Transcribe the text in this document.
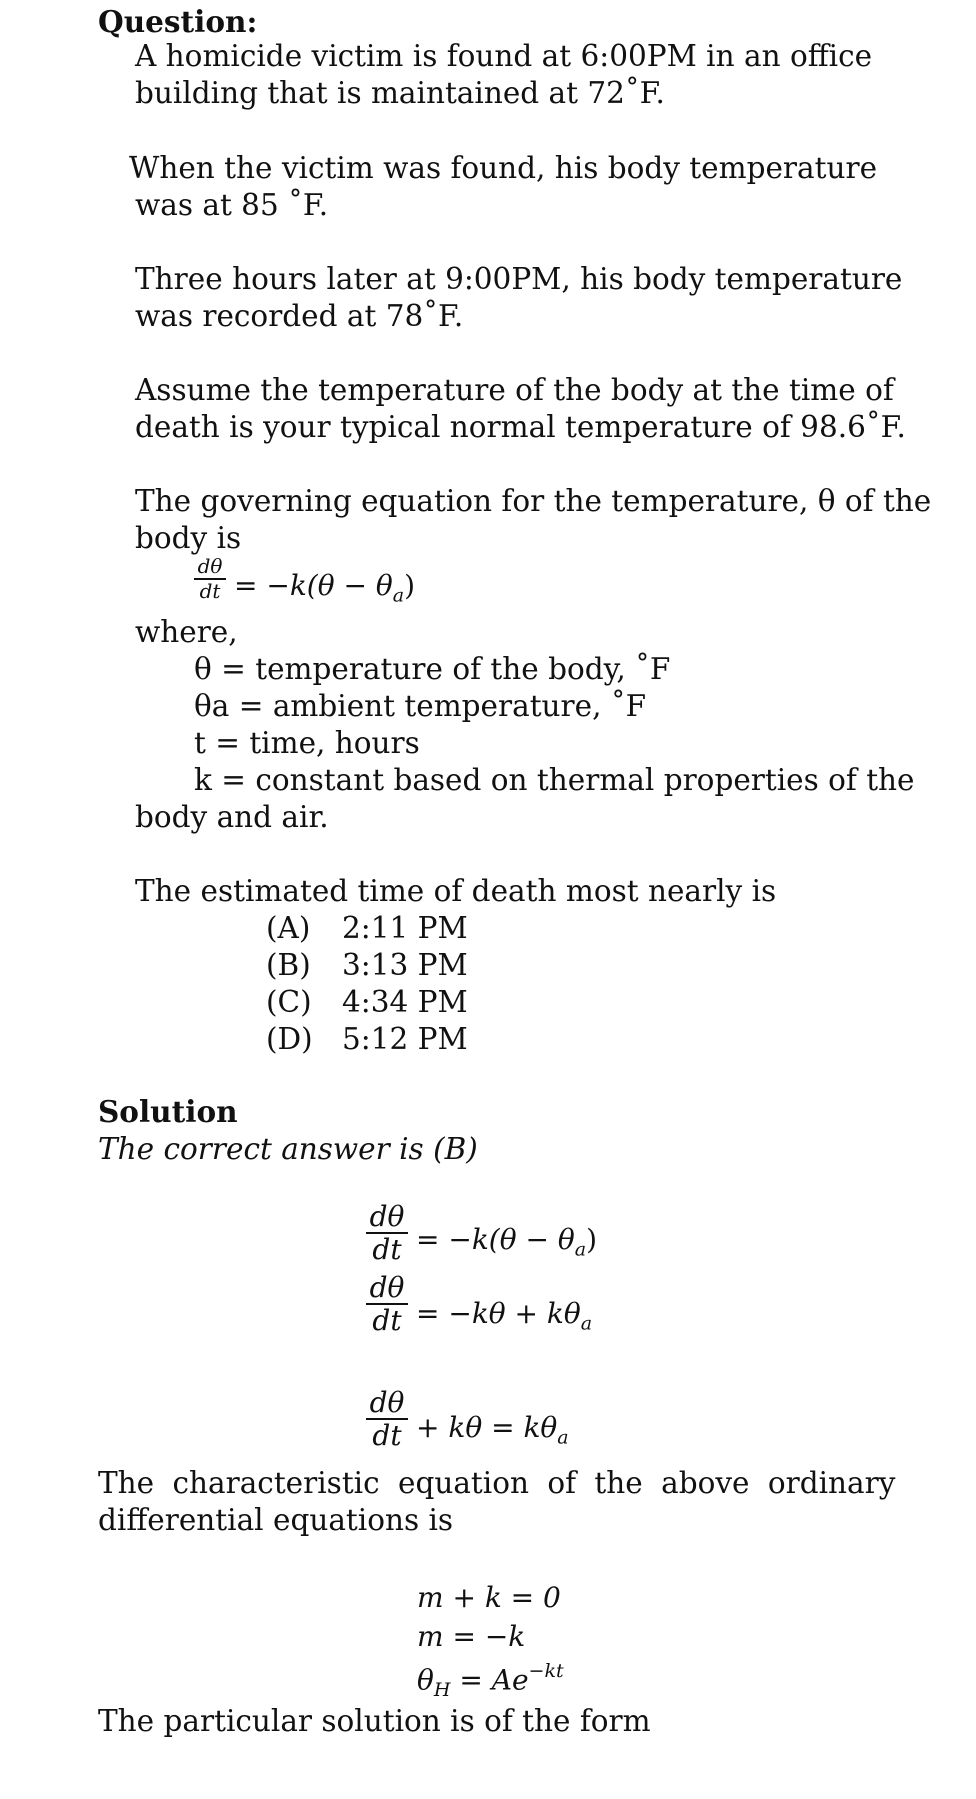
Question:
A homicide victim is found at 6:00PM in an office
building that is maintained at 72˚F.
When the victim was found, his body temperature
was at 85 ˚F.
Three hours later at 9:00PM, his body temperature
was recorded at 78˚F.
Assume the temperature of the body at the time of
death is your typical normal temperature of 98.6˚F.
The governing equation for the temperature, θ of the
body is
dθ
dt = $-k(\theta - \theta_a)$
where,
θ = temperature of the body, ˚F
θa = ambient temperature, ˚F
t = time, hours
k = constant based on thermal properties of the
body and air.
The estimated time of death most nearly is
(A) 2:11 PM
(B) 3:13 PM
(C) 4:34 PM
(D) 5:12 PM
Solution
The correct answer is (B)
dθ
dt = $-k(\theta - \theta_a)$
dθ
dt = $-k\theta + k\theta_a$
dθ
dt + $k\theta = k\theta_a$
The characteristic equation of the above ordinary
differential equations is
m + k = 0
m = −k
$\theta_H = Ae^{-kt}$
The particular solution is of the form
